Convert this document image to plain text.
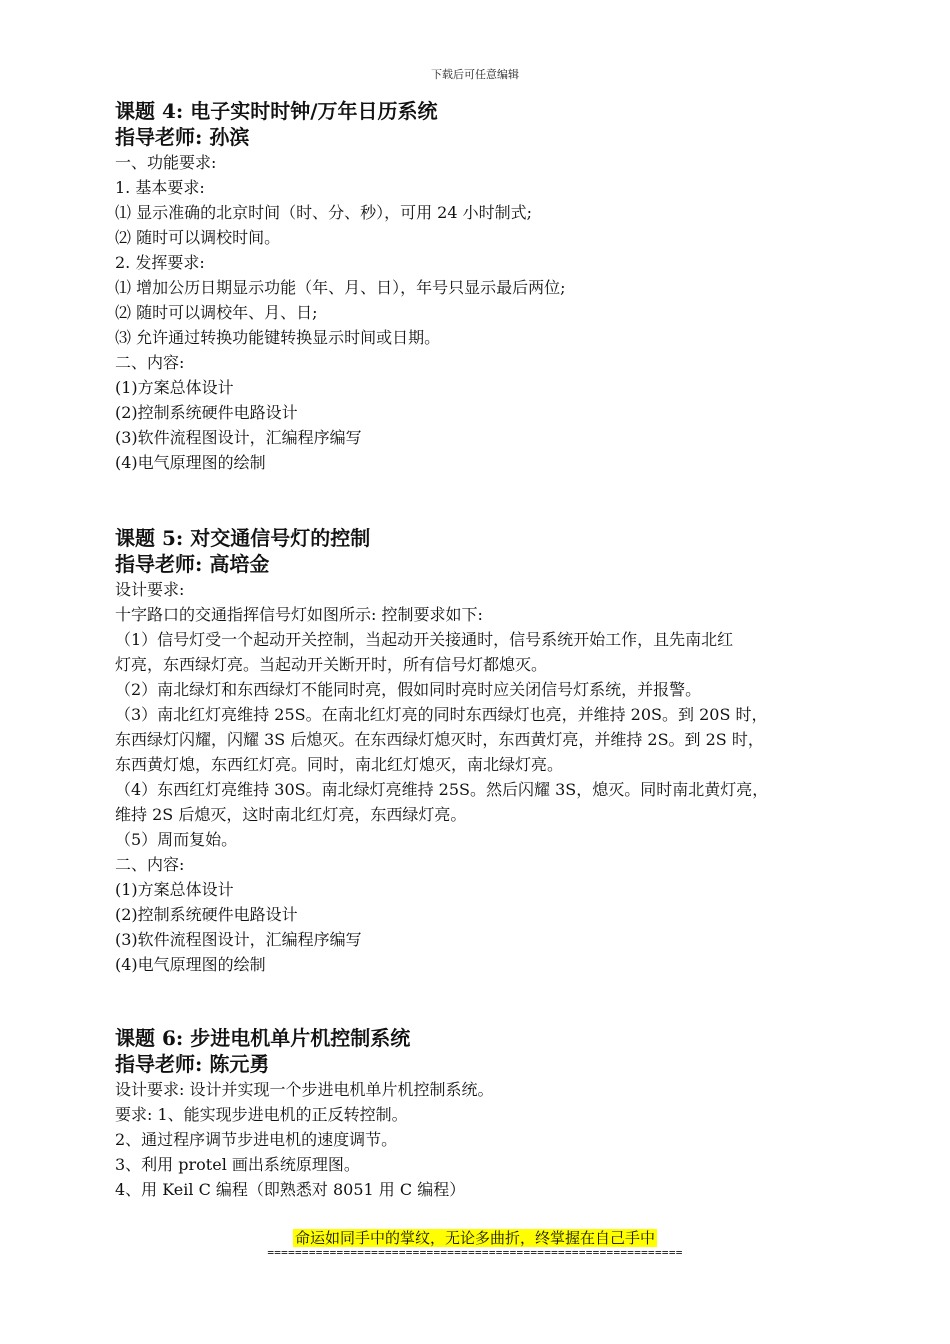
下载后可任意编辑
课题 4: 电子实时时钟/万年日历系统
指导老师: 孙滨
一、功能要求:
1. 基本要求:
⑴ 显示准确的北京时间（时、分、秒），可用 24 小时制式;
⑵ 随时可以调校时间。
2. 发挥要求:
⑴ 增加公历日期显示功能（年、月、日），年号只显示最后两位;
⑵ 随时可以调校年、月、日;
⑶ 允许通过转换功能键转换显示时间或日期。
二、内容:
(1)方案总体设计
(2)控制系统硬件电路设计
(3)软件流程图设计，汇编程序编写
(4)电气原理图的绘制
课题 5: 对交通信号灯的控制
指导老师: 高培金
设计要求:
十字路口的交通指挥信号灯如图所示: 控制要求如下:
（1）信号灯受一个起动开关控制，当起动开关接通时，信号系统开始工作，且先南北红
灯亮，东西绿灯亮。当起动开关断开时，所有信号灯都熄灭。
（2）南北绿灯和东西绿灯不能同时亮，假如同时亮时应关闭信号灯系统，并报警。
（3）南北红灯亮维持 25S。在南北红灯亮的同时东西绿灯也亮，并维持 20S。到 20S 时，
东西绿灯闪耀，闪耀 3S 后熄灭。在东西绿灯熄灭时，东西黄灯亮，并维持 2S。到 2S 时，
东西黄灯熄，东西红灯亮。同时，南北红灯熄灭，南北绿灯亮。
（4）东西红灯亮维持 30S。南北绿灯亮维持 25S。然后闪耀 3S，熄灭。同时南北黄灯亮，
维持 2S 后熄灭，这时南北红灯亮，东西绿灯亮。
（5）周而复始。
二、内容:
(1)方案总体设计
(2)控制系统硬件电路设计
(3)软件流程图设计，汇编程序编写
(4)电气原理图的绘制
课题 6: 步进电机单片机控制系统
指导老师: 陈元勇
设计要求: 设计并实现一个步进电机单片机控制系统。
要求: 1、能实现步进电机的正反转控制。
2、通过程序调节步进电机的速度调节。
3、利用 protel 画出系统原理图。
4、用 Keil C 编程（即熟悉对 8051 用 C 编程）
命运如同手中的掌纹，无论多曲折，终掌握在自己手中
============================================================
